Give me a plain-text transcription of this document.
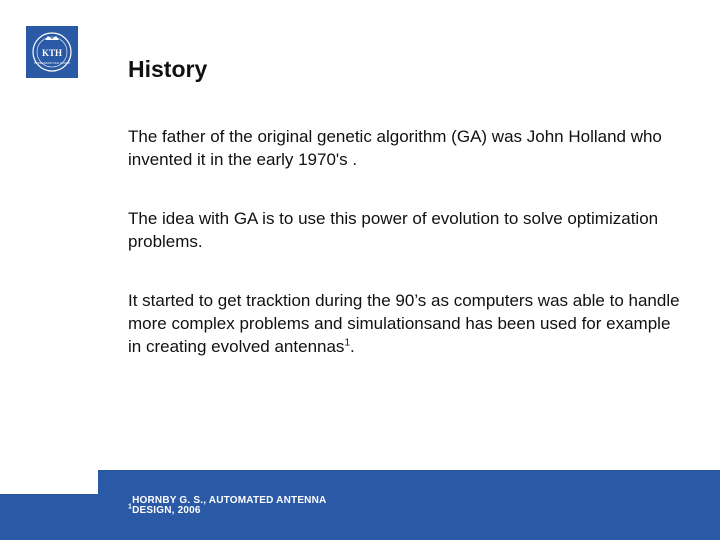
KTH
VETENSKAP OCH KONST	History
The father of the original genetic algorithm (GA) was John Holland who invented it in the early 1970's .
The idea with GA is to use this power of evolution to solve optimization problems.
It started to get tracktion during the 90’s as computers was able to handle more complex problems and simulationsand has been used for example in creating evolved antennas$^1$.
$^1$HORNBY G. S., AUTOMATED ANTENNA DESIGN, 2006
